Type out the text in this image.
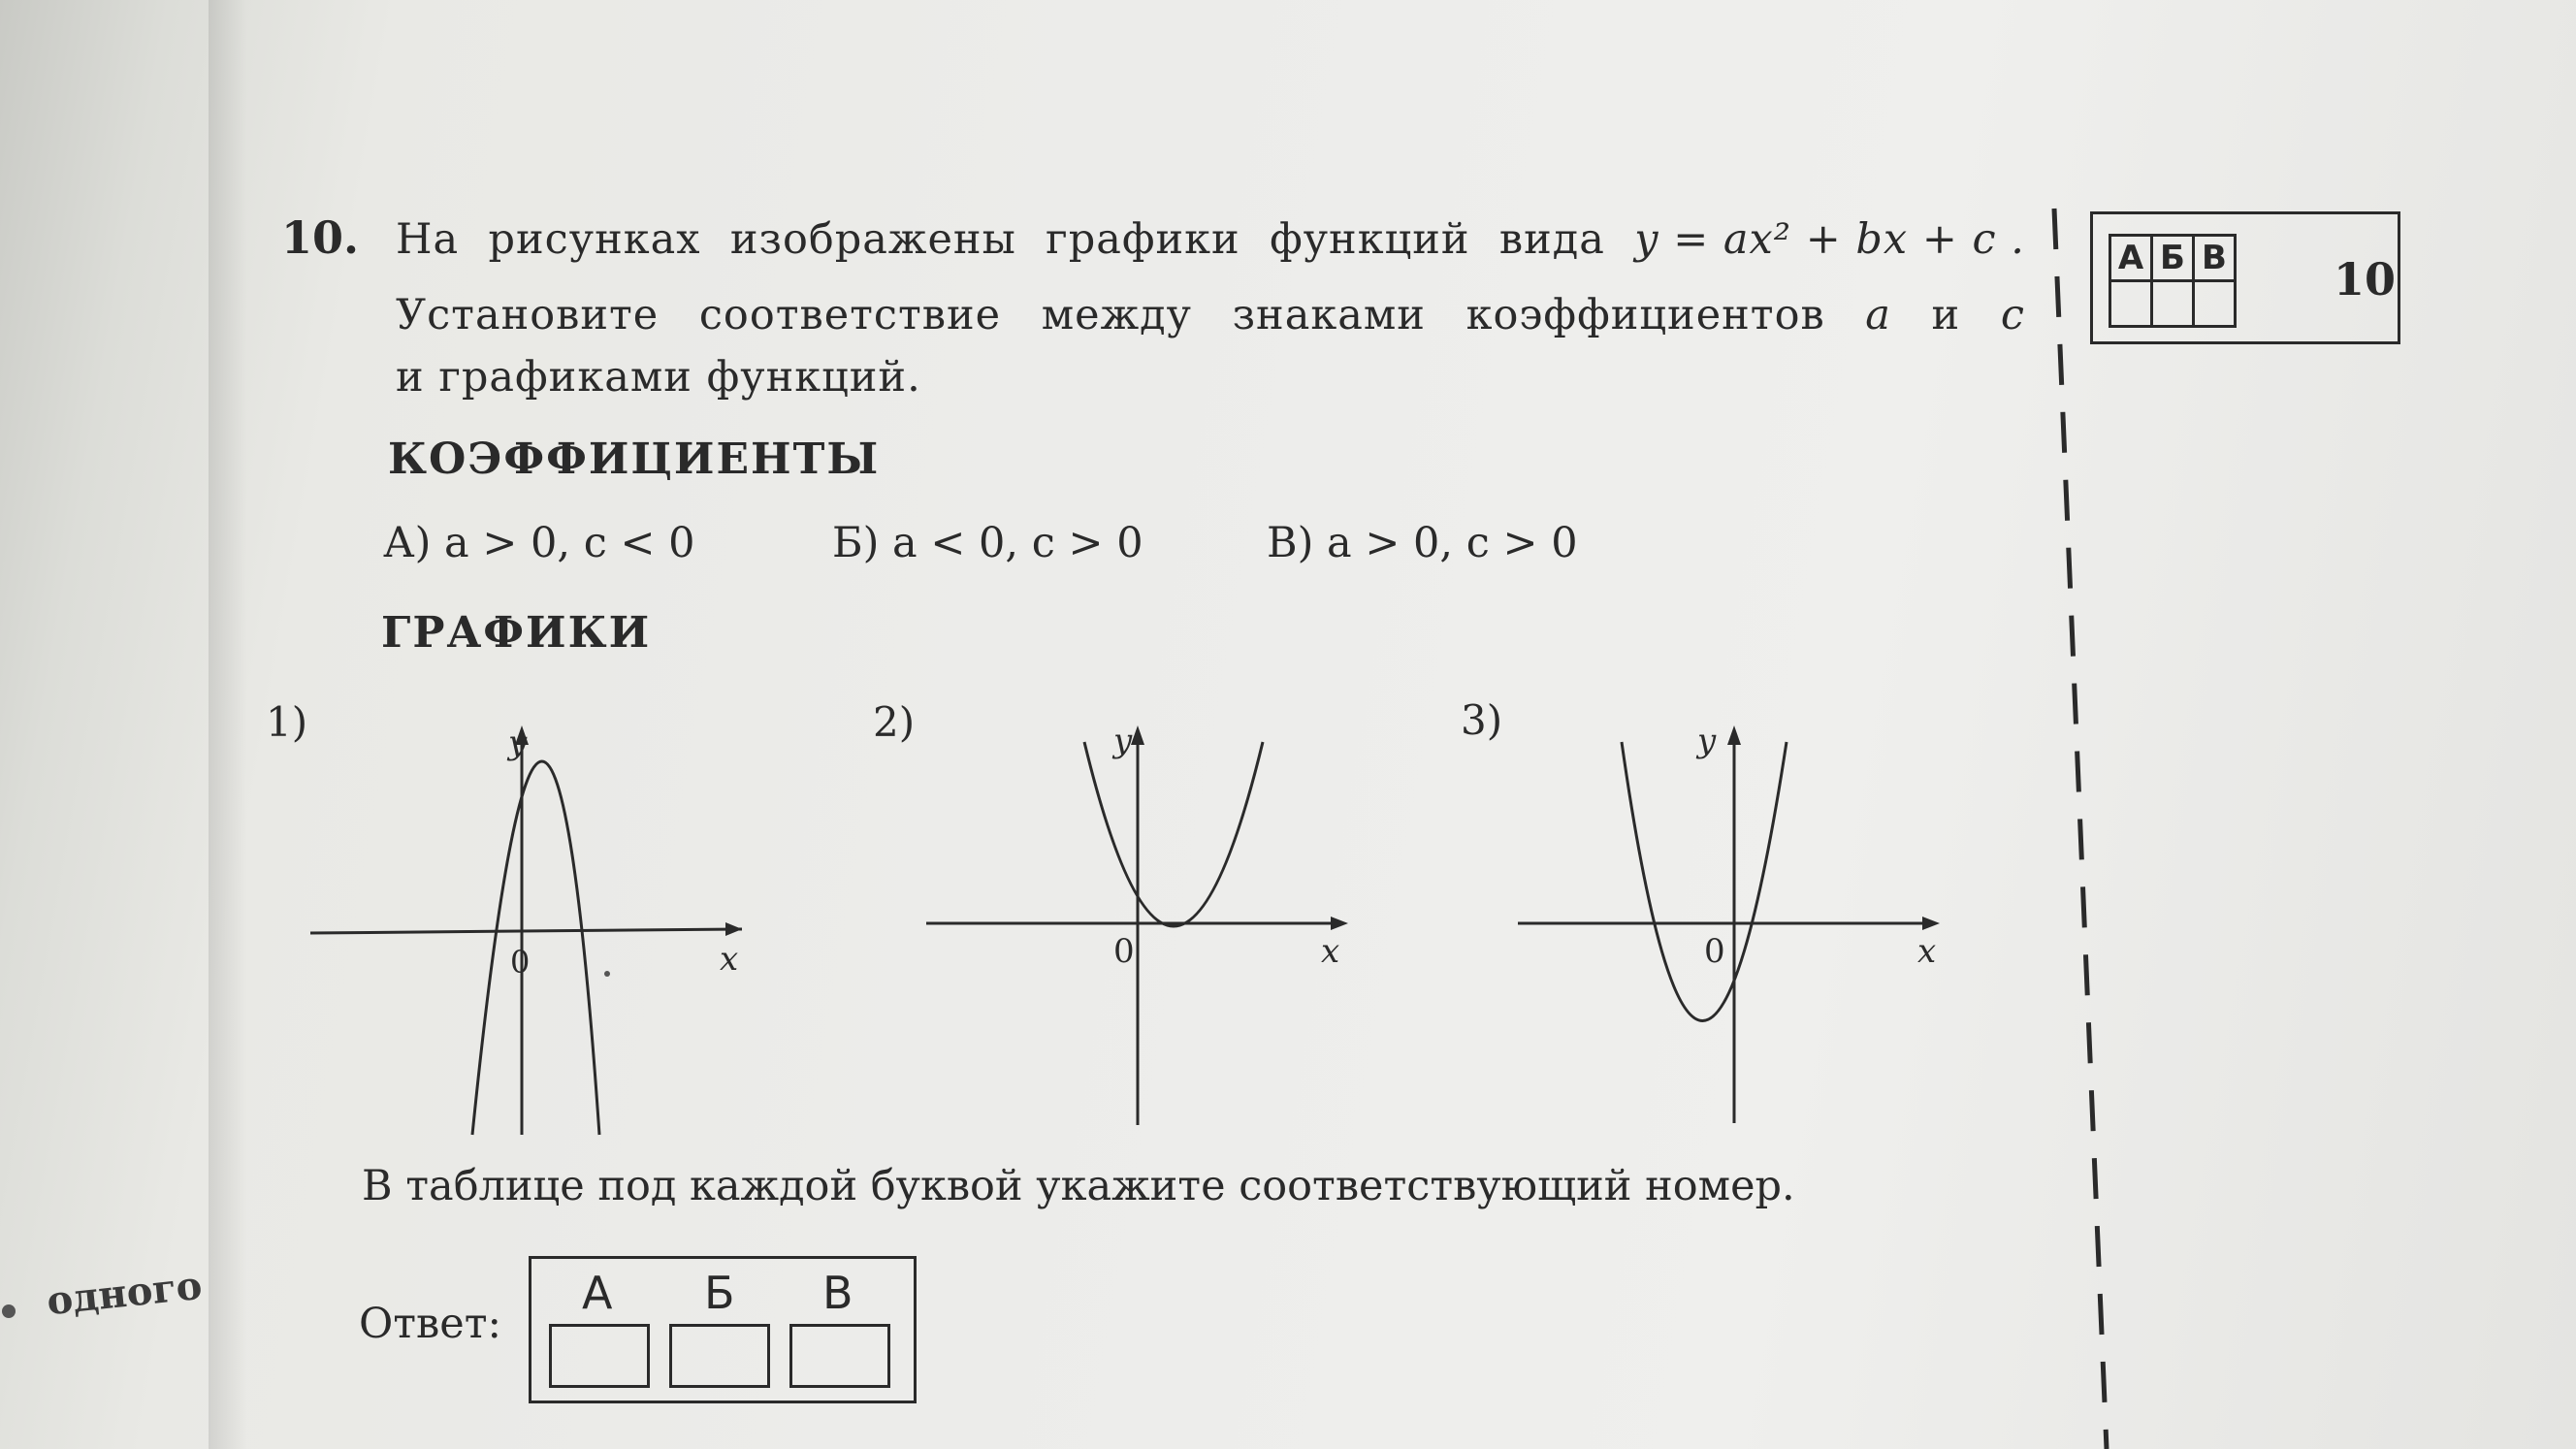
одного
10. На рисунках изображены графики функций вида y = ax² + bx + c .
Установите соответствие между знаками коэффициентов a и c
и графиками функций.
КОЭФФИЦИЕНТЫ
А) a > 0, c < 0	Б) a < 0, c > 0	В) a > 0, c > 0
ГРАФИКИ
1)	2)	3)
0	x
y
0	x
y
0	x
y
В таблице под каждой буквой укажите соответствующий номер.
Ответ:
А Б В
А	Б	В
		10
